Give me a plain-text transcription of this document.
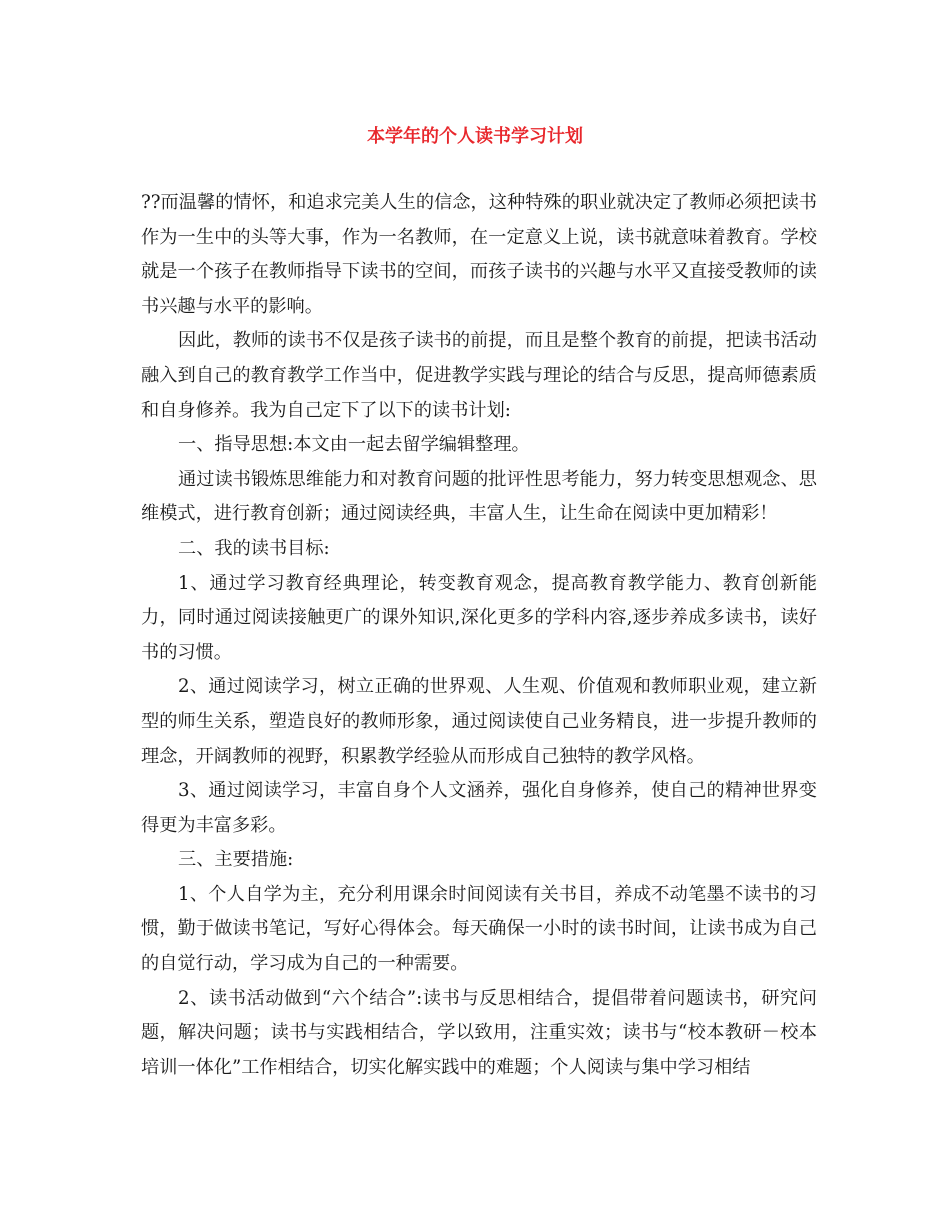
本学年的个人读书学习计划

??而温馨的情怀，和追求完美人生的信念，这种特殊的职业就决定了教师必须把读书作为一生中的头等大事，作为一名教师，在一定意义上说，读书就意味着教育。学校就是一个孩子在教师指导下读书的空间，而孩子读书的兴趣与水平又直接受教师的读书兴趣与水平的影响。

因此，教师的读书不仅是孩子读书的前提，而且是整个教育的前提，把读书活动融入到自己的教育教学工作当中，促进教学实践与理论的结合与反思，提高师德素质和自身修养。我为自己定下了以下的读书计划:

一、指导思想:本文由一起去留学编辑整理。

通过读书锻炼思维能力和对教育问题的批评性思考能力，努力转变思想观念、思维模式，进行教育创新；通过阅读经典，丰富人生，让生命在阅读中更加精彩！

二、我的读书目标:

1、通过学习教育经典理论，转变教育观念，提高教育教学能力、教育创新能力，同时通过阅读接触更广的课外知识,深化更多的学科内容,逐步养成多读书，读好书的习惯。

2、通过阅读学习，树立正确的世界观、人生观、价值观和教师职业观，建立新型的师生关系，塑造良好的教师形象，通过阅读使自己业务精良，进一步提升教师的理念，开阔教师的视野，积累教学经验从而形成自己独特的教学风格。

3、通过阅读学习，丰富自身个人文涵养，强化自身修养，使自己的精神世界变得更为丰富多彩。

三、主要措施:

1、个人自学为主，充分利用课余时间阅读有关书目，养成不动笔墨不读书的习惯，勤于做读书笔记，写好心得体会。每天确保一小时的读书时间，让读书成为自己的自觉行动，学习成为自己的一种需要。

2、读书活动做到“六个结合”:读书与反思相结合，提倡带着问题读书，研究问题，解决问题；读书与实践相结合，学以致用，注重实效；读书与“校本教研－校本培训一体化”工作相结合，切实化解实践中的难题；个人阅读与集中学习相结
